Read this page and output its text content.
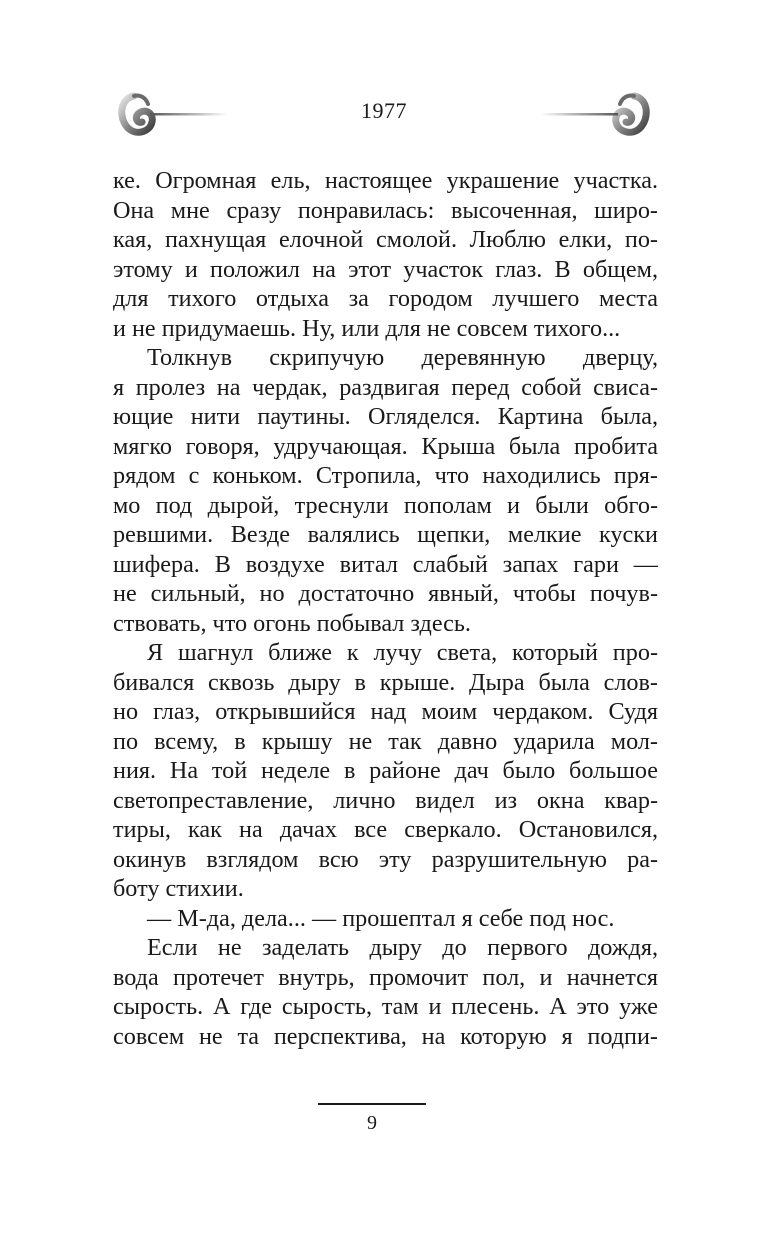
1977
ке. Огромная ель, настоящее украшение участка.
Она мне сразу понравилась: высоченная, широ-
кая, пахнущая елочной смолой. Люблю елки, по-
этому и положил на этот участок глаз. В общем,
для тихого отдыха за городом лучшего места
и не придумаешь. Ну, или для не совсем тихого...
Толкнув скрипучую деревянную дверцу,
я пролез на чердак, раздвигая перед собой свиса-
ющие нити паутины. Огляделся. Картина была,
мягко говоря, удручающая. Крыша была пробита
рядом с коньком. Стропила, что находились пря-
мо под дырой, треснули пополам и были обго-
ревшими. Везде валялись щепки, мелкие куски
шифера. В воздухе витал слабый запах гари —
не сильный, но достаточно явный, чтобы почув-
ствовать, что огонь побывал здесь.
Я шагнул ближе к лучу света, который про-
бивался сквозь дыру в крыше. Дыра была слов-
но глаз, открывшийся над моим чердаком. Судя
по всему, в крышу не так давно ударила мол-
ния. На той неделе в районе дач было большое
светопреставление, лично видел из окна квар-
тиры, как на дачах все сверкало. Остановился,
окинув взглядом всю эту разрушительную ра-
боту стихии.
— М-да, дела... — прошептал я себе под нос.
Если не заделать дыру до первого дождя,
вода протечет внутрь, промочит пол, и начнется
сырость. А где сырость, там и плесень. А это уже
совсем не та перспектива, на которую я подпи-
9
